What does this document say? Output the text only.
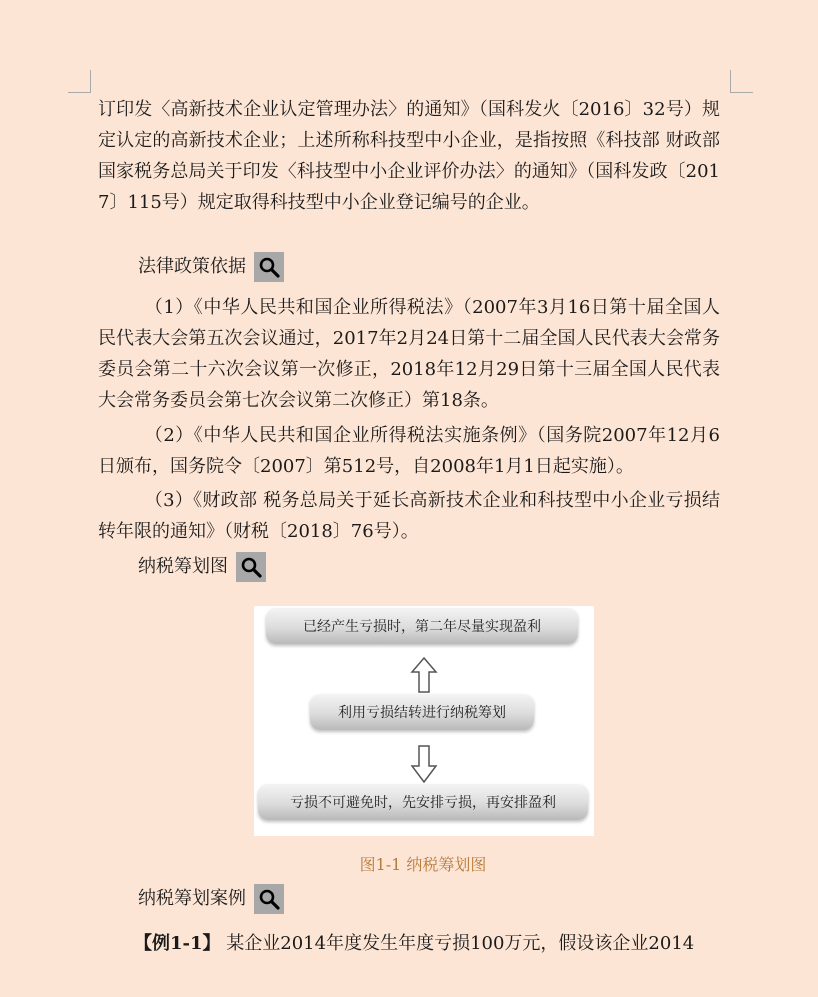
订印发〈高新技术企业认定管理办法〉的通知》（国科发火〔2016〕32号）规定认定的高新技术企业；上述所称科技型中小企业，是指按照《科技部 财政部 国家税务总局关于印发〈科技型中小企业评价办法〉的通知》（国科发政〔2017〕115号）规定取得科技型中小企业登记编号的企业。

法律政策依据

（1）《中华人民共和国企业所得税法》（2007年3月16日第十届全国人民代表大会第五次会议通过，2017年2月24日第十二届全国人民代表大会常务委员会第二十六次会议第一次修正，2018年12月29日第十三届全国人民代表大会常务委员会第七次会议第二次修正）第18条。

（2）《中华人民共和国企业所得税法实施条例》（国务院2007年12月6日颁布，国务院令〔2007〕第512号，自2008年1月1日起实施）。

（3）《财政部 税务总局关于延长高新技术企业和科技型中小企业亏损结转年限的通知》（财税〔2018〕76号）。

纳税筹划图
已经产生亏损时，第二年尽量实现盈利
利用亏损结转进行纳税筹划
亏损不可避免时，先安排亏损，再安排盈利
图1-1 纳税筹划图
纳税筹划案例

【例1-1】 某企业2014年度发生年度亏损100万元，假设该企业2014
